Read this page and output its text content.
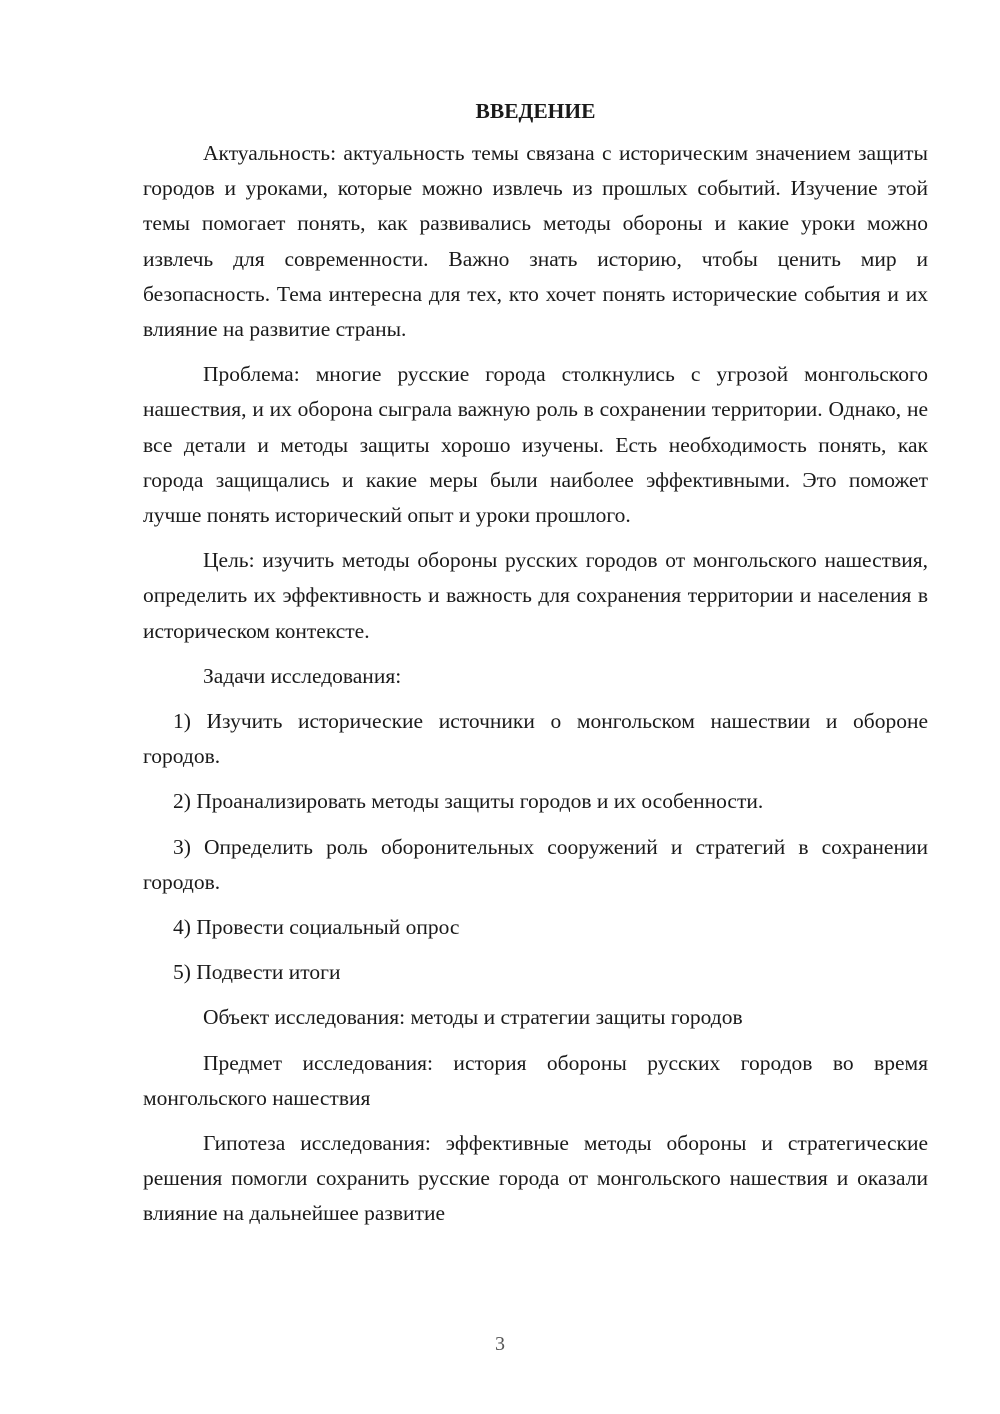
ВВЕДЕНИЕ

Актуальность: актуальность темы связана с историческим значением защиты городов и уроками, которые можно извлечь из прошлых событий. Изучение этой темы помогает понять, как развивались методы обороны и какие уроки можно извлечь для современности. Важно знать историю, чтобы ценить мир и безопасность. Тема интересна для тех, кто хочет понять исторические события и их влияние на развитие страны.

Проблема: многие русские города столкнулись с угрозой монгольского нашествия, и их оборона сыграла важную роль в сохранении территории. Однако, не все детали и методы защиты хорошо изучены. Есть необходимость понять, как города защищались и какие меры были наиболее эффективными. Это поможет лучше понять исторический опыт и уроки прошлого.

Цель: изучить методы обороны русских городов от монгольского нашествия, определить их эффективность и важность для сохранения территории и населения в историческом контексте.

Задачи исследования:

1) Изучить исторические источники о монгольском нашествии и обороне городов.

2) Проанализировать методы защиты городов и их особенности.

3) Определить роль оборонительных сооружений и стратегий в сохранении городов.

4) Провести социальный опрос

5) Подвести итоги

Объект исследования: методы и стратегии защиты городов

Предмет исследования: история обороны русских городов во время монгольского нашествия

Гипотеза исследования: эффективные методы обороны и стратегические решения помогли сохранить русские города от монгольского нашествия и оказали влияние на дальнейшее развитие

3
